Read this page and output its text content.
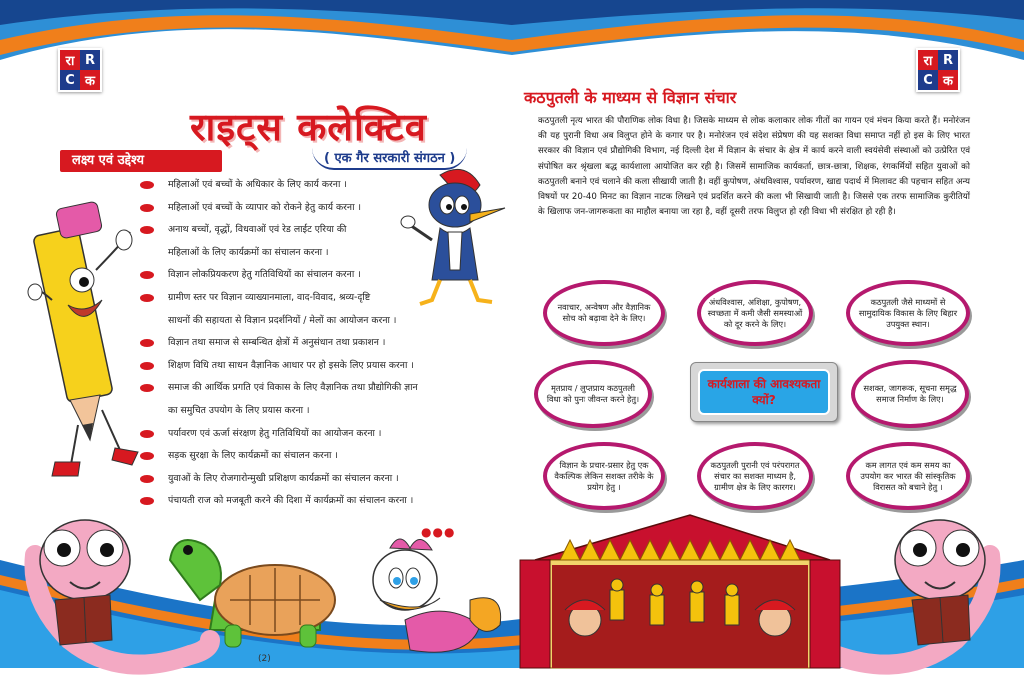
रा R
C क
रा R
C क
राइट्स कलेक्टिव
( एक गैर सरकारी संगठन )
लक्ष्य एवं उद्देश्य
महिलाओं एवं बच्चों के अधिकार के लिए कार्य करना ।
महिलाओं एवं बच्चों के व्यापार को रोकने हेतु कार्य करना ।
अनाथ बच्चों, वृद्धों, विधवाओं एवं रेड लाईट एरिया की
महिलाओं के लिए कार्यक्रमों का संचालन करना ।
विज्ञान लोकप्रियकरण हेतु गतिविधियों का संचालन करना ।
ग्रामीण स्तर पर विज्ञान व्याख्यानमाला, वाद-विवाद, श्रव्य-दृष्टि
साधनों की सहायता से विज्ञान प्रदर्शनियों / मेलों का आयोजन करना ।
विज्ञान तथा समाज से सम्बन्धित क्षेत्रों में अनुसंधान तथा प्रकाशन ।
शिक्षण विधि तथा साधन वैज्ञानिक आधार पर हो इसके लिए प्रयास करना ।
समाज की आर्थिक प्रगति एवं विकास के लिए वैज्ञानिक तथा प्रौद्योगिकी ज्ञान
का समुचित उपयोग के लिए प्रयास करना ।
पर्यावरण एवं ऊर्जा संरक्षण हेतु गतिविधियों का आयोजन करना ।
सड़क सुरक्षा के लिए कार्यक्रमों का संचालन करना ।
युवाओं के लिए रोजगारोन्मुखी प्रशिक्षण कार्यक्रमों का संचालन करना ।
पंचायती राज को मजबूती करने की दिशा में कार्यक्रमों का संचालन करना ।
●●●
(2)
कठपुतली के माध्यम से विज्ञान संचार

कठपुतली नृत्य भारत की पौराणिक लोक विधा है। जिसके माध्यम से लोक कलाकार लोक गीतों का गायन एवं मंचन किया करते हैं। मनोरंजन की यह पुरानी विधा अब विलुप्त होने के कगार पर है। मनोरंजन एवं संदेश संप्रेषण की यह सशक्त विधा समाप्त नहीं हो इस के लिए भारत सरकार की विज्ञान एवं प्रौद्योगिकी विभाग, नई दिल्ली देश में विज्ञान के संचार के क्षेत्र में कार्य करने वाली स्वयंसेवी संस्थाओं को उत्प्रेरित एवं संपोषित कर श्रृंखला बद्ध कार्यशाला आयोजित कर रही है। जिसमें सामाजिक कार्यकर्ता, छात्र-छात्रा, शिक्षक, रंगकर्मियों सहित युवाओं को कठपुतली बनाने एवं चलाने की कला सीखायी जाती है। वहीं कुपोषण, अंधविश्वास, पर्यावरण, खाद्य पदार्थ में मिलावट की पहचान सहित अन्य विषयों पर 20-40 मिनट का विज्ञान नाटक लिखने एवं प्रदर्शित करने की कला भी सिखायी जाती है। जिससे एक तरफ सामाजिक कुरीतियों के खिलाफ जन-जागरूकता का माहौल बनाया जा रहा है, वहीं दूसरी तरफ विलुप्त हो रही विधा भी संरक्षित हो रही है।

नवाचार, अन्वेषण और वैज्ञानिक सोच को बढ़ावा देने के लिए।
अंधविश्वास, अशिक्षा, कुपोषण, स्वच्छता में कमी जैसी समस्याओं को दूर करने के लिए।
कठपुतली जैसे माध्यमों से सामुदायिक विकास के लिए बिहार उपयुक्त स्थान।
मृतप्राय / लुप्तप्राय कठपुतली विधा को पुनः जीवन्त करने हेतु।
सशक्त, जागरूक, सूचना समृद्ध समाज निर्माण के लिए।
विज्ञान के प्रचार-प्रसार हेतु एक वैकल्पिक लेकिन सशक्त तरीके के प्रयोग हेतु ।
कठपुतली पुरानी एवं परंपरागत संचार का सशक्त माध्यम है, ग्रामीण क्षेत्र के लिए कारगर।
कम लागत एवं कम समय का उपयोग कर भारत की सांस्कृतिक विरासत को बचाने हेतु ।
कार्यशाला की आवश्यकता क्यों?
